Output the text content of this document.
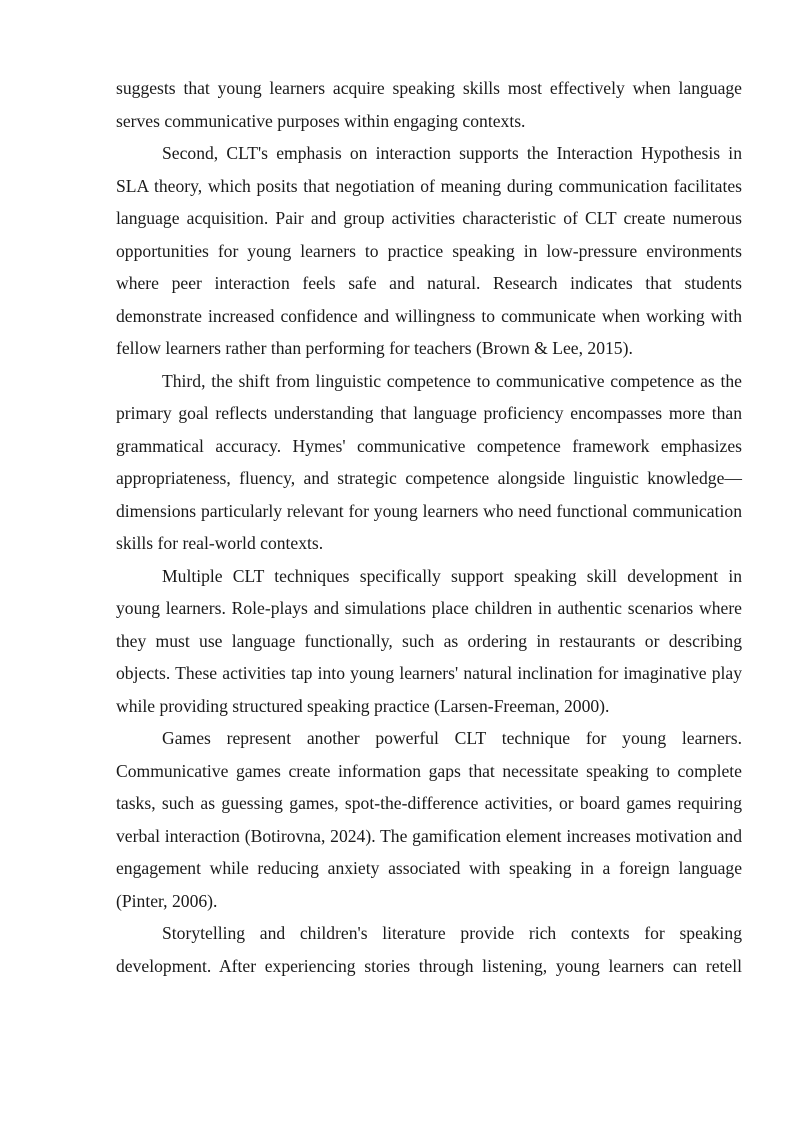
suggests that young learners acquire speaking skills most effectively when language serves communicative purposes within engaging contexts.

Second, CLT's emphasis on interaction supports the Interaction Hypothesis in SLA theory, which posits that negotiation of meaning during communication facilitates language acquisition. Pair and group activities characteristic of CLT create numerous opportunities for young learners to practice speaking in low-pressure environments where peer interaction feels safe and natural. Research indicates that students demonstrate increased confidence and willingness to communicate when working with fellow learners rather than performing for teachers (Brown & Lee, 2015).

Third, the shift from linguistic competence to communicative competence as the primary goal reflects understanding that language proficiency encompasses more than grammatical accuracy. Hymes' communicative competence framework emphasizes appropriateness, fluency, and strategic competence alongside linguistic knowledge—dimensions particularly relevant for young learners who need functional communication skills for real-world contexts.

Multiple CLT techniques specifically support speaking skill development in young learners. Role-plays and simulations place children in authentic scenarios where they must use language functionally, such as ordering in restaurants or describing objects. These activities tap into young learners' natural inclination for imaginative play while providing structured speaking practice (Larsen-Freeman, 2000).

Games represent another powerful CLT technique for young learners. Communicative games create information gaps that necessitate speaking to complete tasks, such as guessing games, spot-the-difference activities, or board games requiring verbal interaction (Botirovna, 2024). The gamification element increases motivation and engagement while reducing anxiety associated with speaking in a foreign language (Pinter, 2006).

Storytelling and children's literature provide rich contexts for speaking development. After experiencing stories through listening, young learners can retell
